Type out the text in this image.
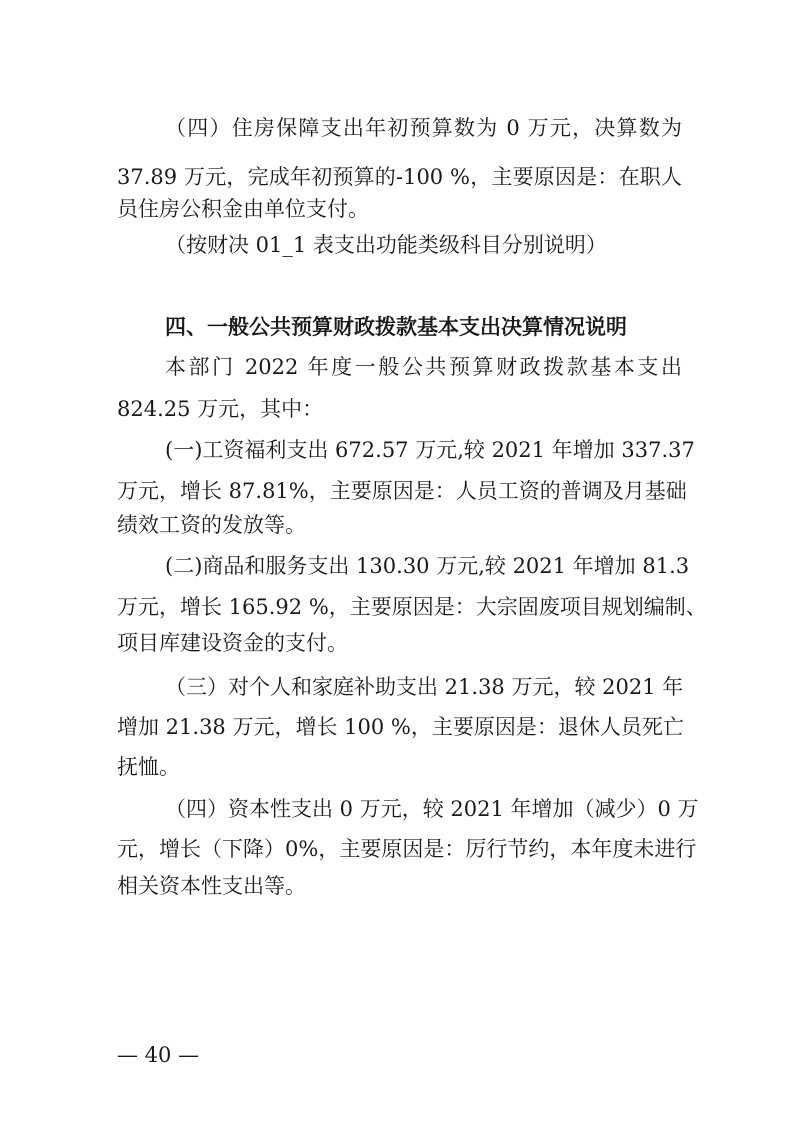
（四）住房保障支出年初预算数为 0 万元，决算数为
37.89 万元，完成年初预算的-100 %，主要原因是：在职人
员住房公积金由单位支付。
（按财决 01_1 表支出功能类级科目分别说明）
四、一般公共预算财政拨款基本支出决算情况说明
本部门 2022 年度一般公共预算财政拨款基本支出
824.25 万元，其中：
(一)工资福利支出 672.57 万元,较 2021 年增加 337.37
万元，增长 87.81%，主要原因是：人员工资的普调及月基础
绩效工资的发放等。
(二)商品和服务支出 130.30 万元,较 2021 年增加 81.3
万元，增长 165.92 %，主要原因是：大宗固废项目规划编制、
项目库建设资金的支付。
（三）对个人和家庭补助支出 21.38 万元，较 2021 年
增加 21.38 万元，增长 100 %，主要原因是：退休人员死亡
抚恤。
（四）资本性支出 0 万元，较 2021 年增加（减少）0 万
元，增长（下降）0%，主要原因是：厉行节约，本年度未进行
— 40 —
相关资本性支出等。
